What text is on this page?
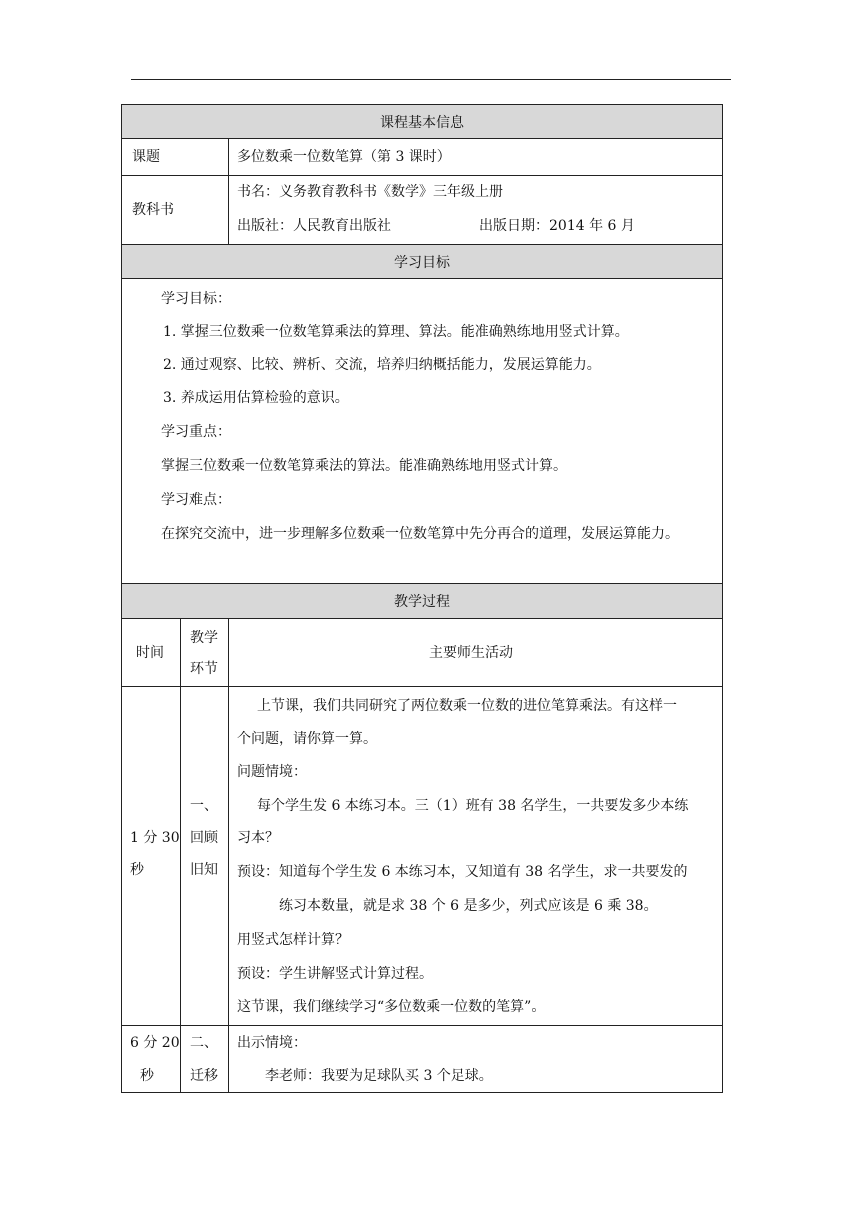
课程基本信息
课题	多位数乘一位数笔算（第 3 课时）
教科书
书名：义务教育教科书《数学》三年级上册
出版社：人民教育出版社	出版日期：2014 年 6 月
学习目标
学习目标：
1. 掌握三位数乘一位数笔算乘法的算理、算法。能准确熟练地用竖式计算。
2. 通过观察、比较、辨析、交流，培养归纳概括能力，发展运算能力。
3. 养成运用估算检验的意识。
学习重点：
掌握三位数乘一位数笔算乘法的算法。能准确熟练地用竖式计算。
学习难点：
在探究交流中，进一步理解多位数乘一位数笔算中先分再合的道理，发展运算能力。
教学过程
时间
教学
环节
主要师生活动
1 分 30
秒
一、
回顾
旧知
上节课，我们共同研究了两位数乘一位数的进位笔算乘法。有这样一
个问题，请你算一算。
问题情境：
每个学生发 6 本练习本。三（1）班有 38 名学生，一共要发多少本练
习本？
预设：知道每个学生发 6 本练习本，又知道有 38 名学生，求一共要发的
练习本数量，就是求 38 个 6 是多少，列式应该是 6 乘 38。
用竖式怎样计算？
预设：学生讲解竖式计算过程。
这节课，我们继续学习“多位数乘一位数的笔算”。
6 分 20
秒
二、
迁移
出示情境：
李老师：我要为足球队买 3 个足球。
